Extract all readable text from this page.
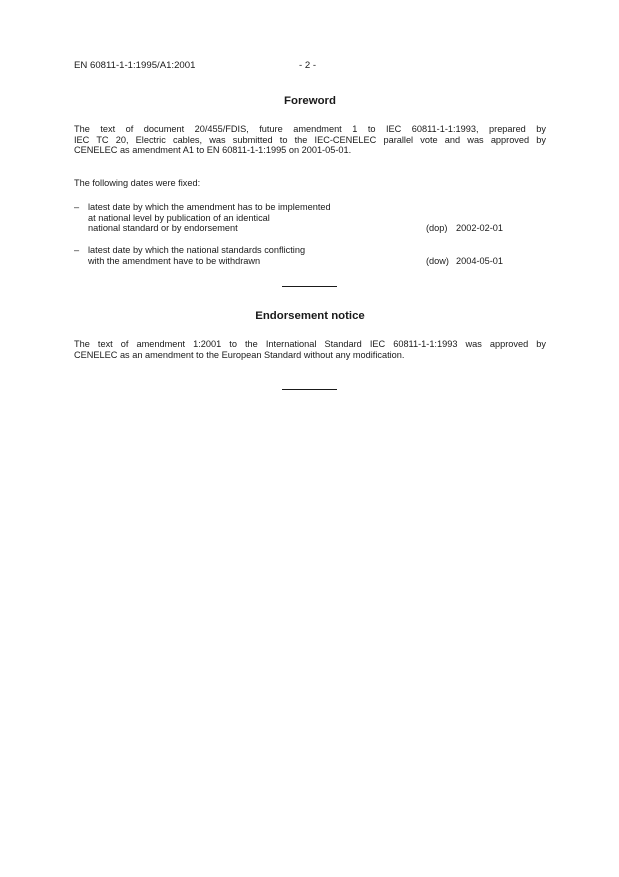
EN 60811-1-1:1995/A1:2001	- 2 -
Foreword
The text of document 20/455/FDIS, future amendment 1 to IEC 60811-1-1:1993, prepared by
IEC TC 20, Electric cables, was submitted to the IEC-CENELEC parallel vote and was approved by
CENELEC as amendment A1 to EN 60811-1-1:1995 on 2001-05-01.
The following dates were fixed:
– latest date by which the amendment has to be implemented
at national level by publication of an identical
national standard or by endorsement	(dop) 2002-02-01
– latest date by which the national standards conflicting
with the amendment have to be withdrawn	(dow) 2004-05-01
Endorsement notice
The text of amendment 1:2001 to the International Standard IEC 60811-1-1:1993 was approved by
CENELEC as an amendment to the European Standard without any modification.
